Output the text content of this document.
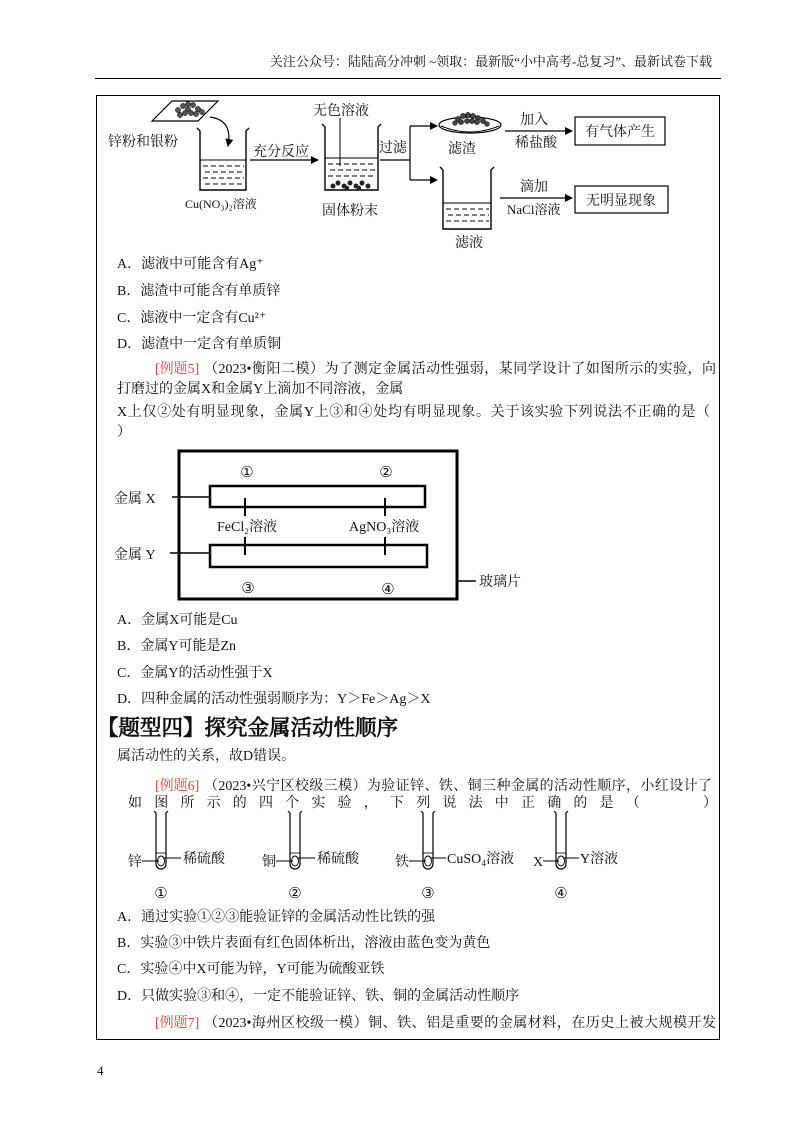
关注公众号：陆陆高分冲刺 ~领取：最新版“小中高考-总复习”、最新试卷下载
锌粉和银粉
Cu(NO₃)₂溶液
充分反应
无色溶液
固体粉末
过滤	滤渣
加入
稀盐酸
有气体产生
滤液
滴加
NaCl溶液
无明显现象
A．滤液中可能含有Ag⁺
B．滤渣中可能含有单质锌
C．滤液中一定含有Cu²⁺
D．滤渣中一定含有单质铜
[例题5] （2023•衡阳二模）为了测定金属活动性强弱，某同学设计了如图所示的实验，向
打磨过的金属X和金属Y上滴加不同溶液，金属
X上仅②处有明显现象，金属Y上③和④处均有明显现象。关于该实验下列说法不正确的是（
）
①	②
③	④
FeCl₂溶液	AgNO₃溶液
金属 X
金属 Y
玻璃片
A．金属X可能是Cu
B．金属Y可能是Zn
C．金属Y的活动性强于X
D．四种金属的活动性强弱顺序为：Y＞Fe＞Ag＞X
【题型四】探究金属活动性顺序
属活动性的关系，故D错误。
[例题6] （2023•兴宁区校级三模）为验证锌、铁、铜三种金属的活动性顺序，小红设计了
如图所示的四个实验，下列说法中正确的是（	）
锌	稀硫酸
①
铜	稀硫酸
②
铁	CuSO₄溶液
③
X	Y溶液
④
A．通过实验①②③能验证锌的金属活动性比铁的强
B．实验③中铁片表面有红色固体析出，溶液由蓝色变为黄色
C．实验④中X可能为锌，Y可能为硫酸亚铁
D．只做实验③和④，一定不能验证锌、铁、铜的金属活动性顺序
[例题7] （2023•海州区校级一模）铜、铁、铝是重要的金属材料，在历史上被大规模开发
4
